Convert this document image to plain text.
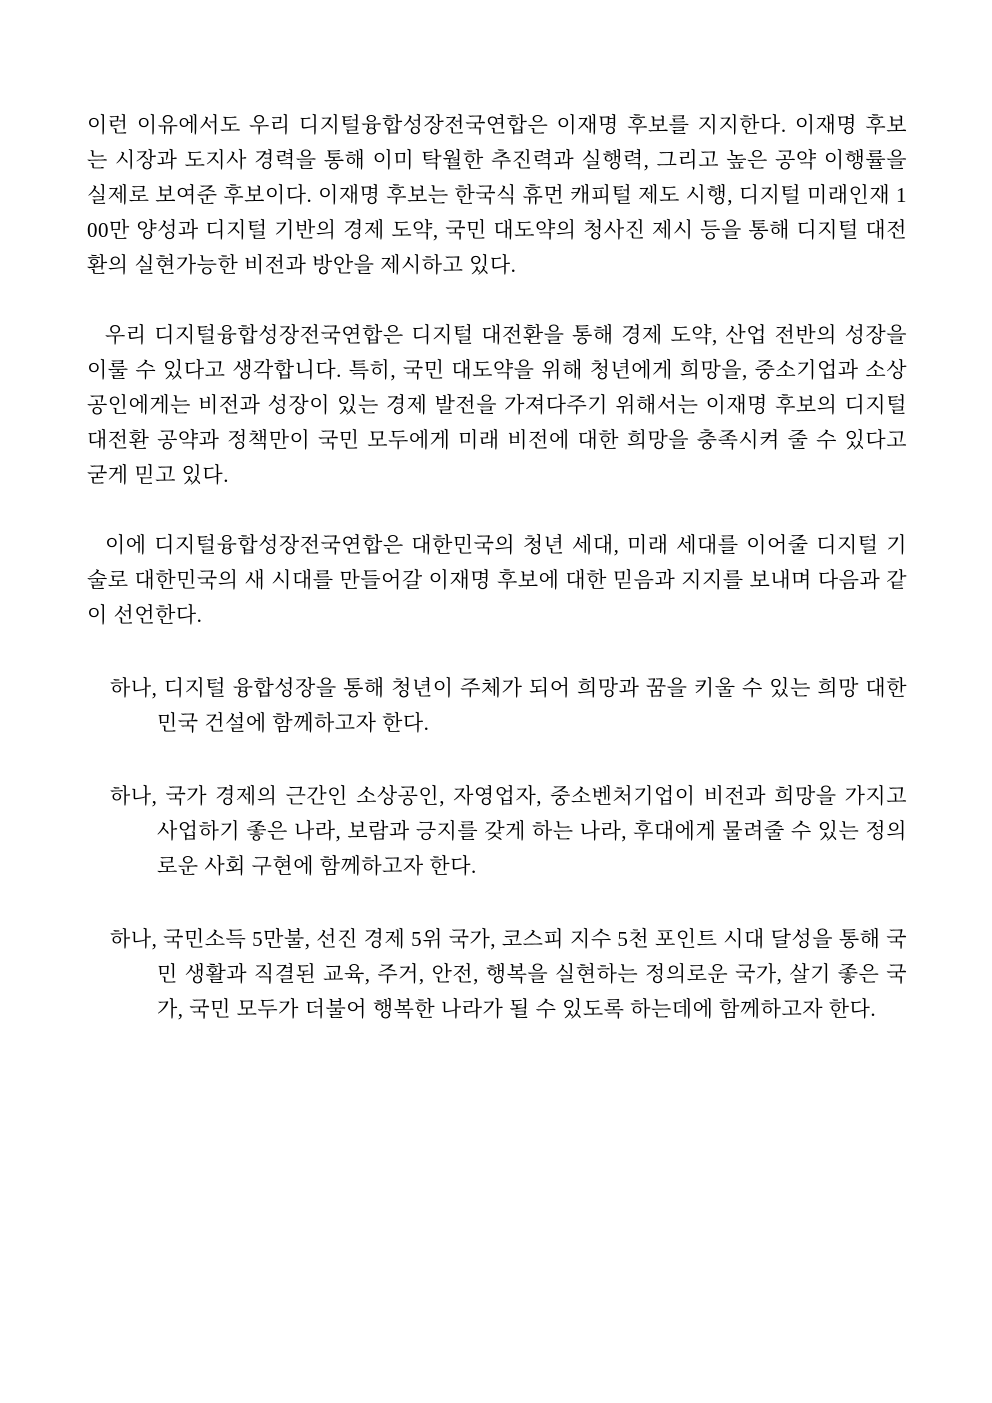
이런 이유에서도 우리 디지털융합성장전국연합은 이재명 후보를 지지한다. 이재명 후보는 시장과 도지사 경력을 통해 이미 탁월한 추진력과 실행력, 그리고 높은 공약 이행률을 실제로 보여준 후보이다. 이재명 후보는 한국식 휴먼 캐피털 제도 시행, 디지털 미래인재 100만 양성과 디지털 기반의 경제 도약, 국민 대도약의 청사진 제시 등을 통해 디지털 대전환의 실현가능한 비전과 방안을 제시하고 있다.

우리 디지털융합성장전국연합은 디지털 대전환을 통해 경제 도약, 산업 전반의 성장을 이룰 수 있다고 생각합니다. 특히, 국민 대도약을 위해 청년에게 희망을, 중소기업과 소상공인에게는 비전과 성장이 있는 경제 발전을 가져다주기 위해서는 이재명 후보의 디지털 대전환 공약과 정책만이 국민 모두에게 미래 비전에 대한 희망을 충족시켜 줄 수 있다고 굳게 믿고 있다.

이에 디지털융합성장전국연합은 대한민국의 청년 세대, 미래 세대를 이어줄 디지털 기술로 대한민국의 새 시대를 만들어갈 이재명 후보에 대한 믿음과 지지를 보내며 다음과 같이 선언한다.

하나, 디지털 융합성장을 통해 청년이 주체가 되어 희망과 꿈을 키울 수 있는 희망 대한민국 건설에 함께하고자 한다.
하나, 국가 경제의 근간인 소상공인, 자영업자, 중소벤처기업이 비전과 희망을 가지고 사업하기 좋은 나라, 보람과 긍지를 갖게 하는 나라, 후대에게 물려줄 수 있는 정의로운 사회 구현에 함께하고자 한다.
하나, 국민소득 5만불, 선진 경제 5위 국가, 코스피 지수 5천 포인트 시대 달성을 통해 국민 생활과 직결된 교육, 주거, 안전, 행복을 실현하는 정의로운 국가, 살기 좋은 국가, 국민 모두가 더불어 행복한 나라가 될 수 있도록 하는데에 함께하고자 한다.
